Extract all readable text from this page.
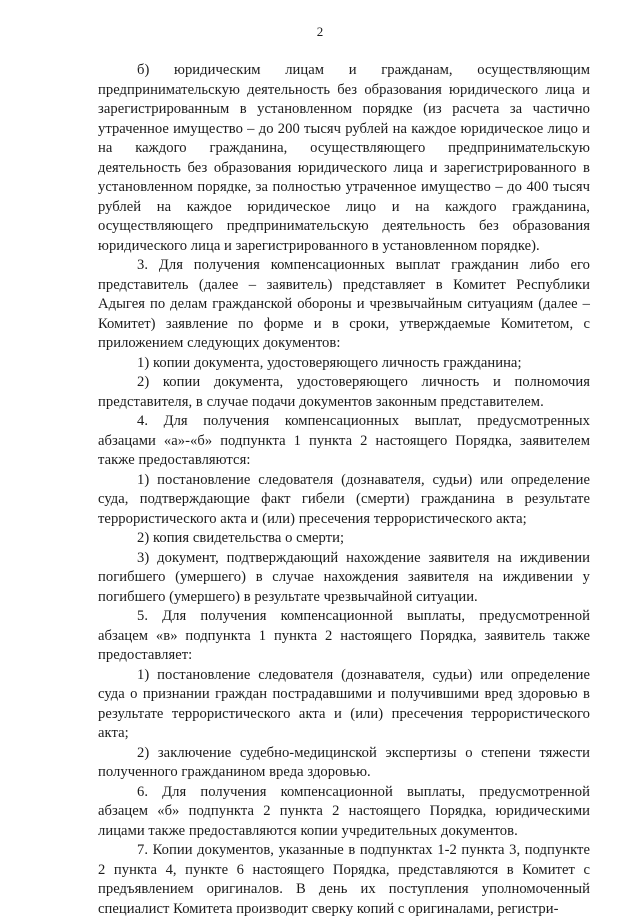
2

б) юридическим лицам и гражданам, осуществляющим предпринимательскую деятельность без образования юридического лица и зарегистрированным в установленном порядке (из расчета за частично утраченное имущество – до 200 тысяч рублей на каждое юридическое лицо и на каждого гражданина, осуществляющего предпринимательскую деятельность без образования юридического лица и зарегистрированного в установленном порядке, за полностью утраченное имущество – до 400 тысяч рублей на каждое юридическое лицо и на каждого гражданина, осуществляющего предпринимательскую деятельность без образования юридического лица и зарегистрированного в установленном порядке).

3. Для получения компенсационных выплат гражданин либо его представитель (далее – заявитель) представляет в Комитет Республики Адыгея по делам гражданской обороны и чрезвычайным ситуациям (далее – Комитет) заявление по форме и в сроки, утверждаемые Комитетом, с приложением следующих документов:

1) копии документа, удостоверяющего личность гражданина;

2) копии документа, удостоверяющего личность и полномочия представителя, в случае подачи документов законным представителем.

4. Для получения компенсационных выплат, предусмотренных абзацами «а»-«б» подпункта 1 пункта 2 настоящего Порядка, заявителем также предоставляются:

1) постановление следователя (дознавателя, судьи) или определение суда, подтверждающие факт гибели (смерти) гражданина в результате террористического акта и (или) пресечения террористического акта;

2) копия свидетельства о смерти;

3) документ, подтверждающий нахождение заявителя на иждивении погибшего (умершего) в случае нахождения заявителя на иждивении у погибшего (умершего) в результате чрезвычайной ситуации.

5. Для получения компенсационной выплаты, предусмотренной абзацем «в» подпункта 1 пункта 2 настоящего Порядка, заявитель также предоставляет:

1) постановление следователя (дознавателя, судьи) или определение суда о признании граждан пострадавшими и получившими вред здоровью в результате террористического акта и (или) пресечения террористического акта;

2) заключение судебно-медицинской экспертизы о степени тяжести полученного гражданином вреда здоровью.

6. Для получения компенсационной выплаты, предусмотренной абзацем «б» подпункта 2 пункта 2 настоящего Порядка, юридическими лицами также предоставляются копии учредительных документов.

7. Копии документов, указанные в подпунктах 1-2 пункта 3, подпункте 2 пункта 4, пункте 6 настоящего Порядка, представляются в Комитет с предъявлением оригиналов. В день их поступления уполномоченный специалист Комитета производит сверку копий с оригиналами, регистри-
